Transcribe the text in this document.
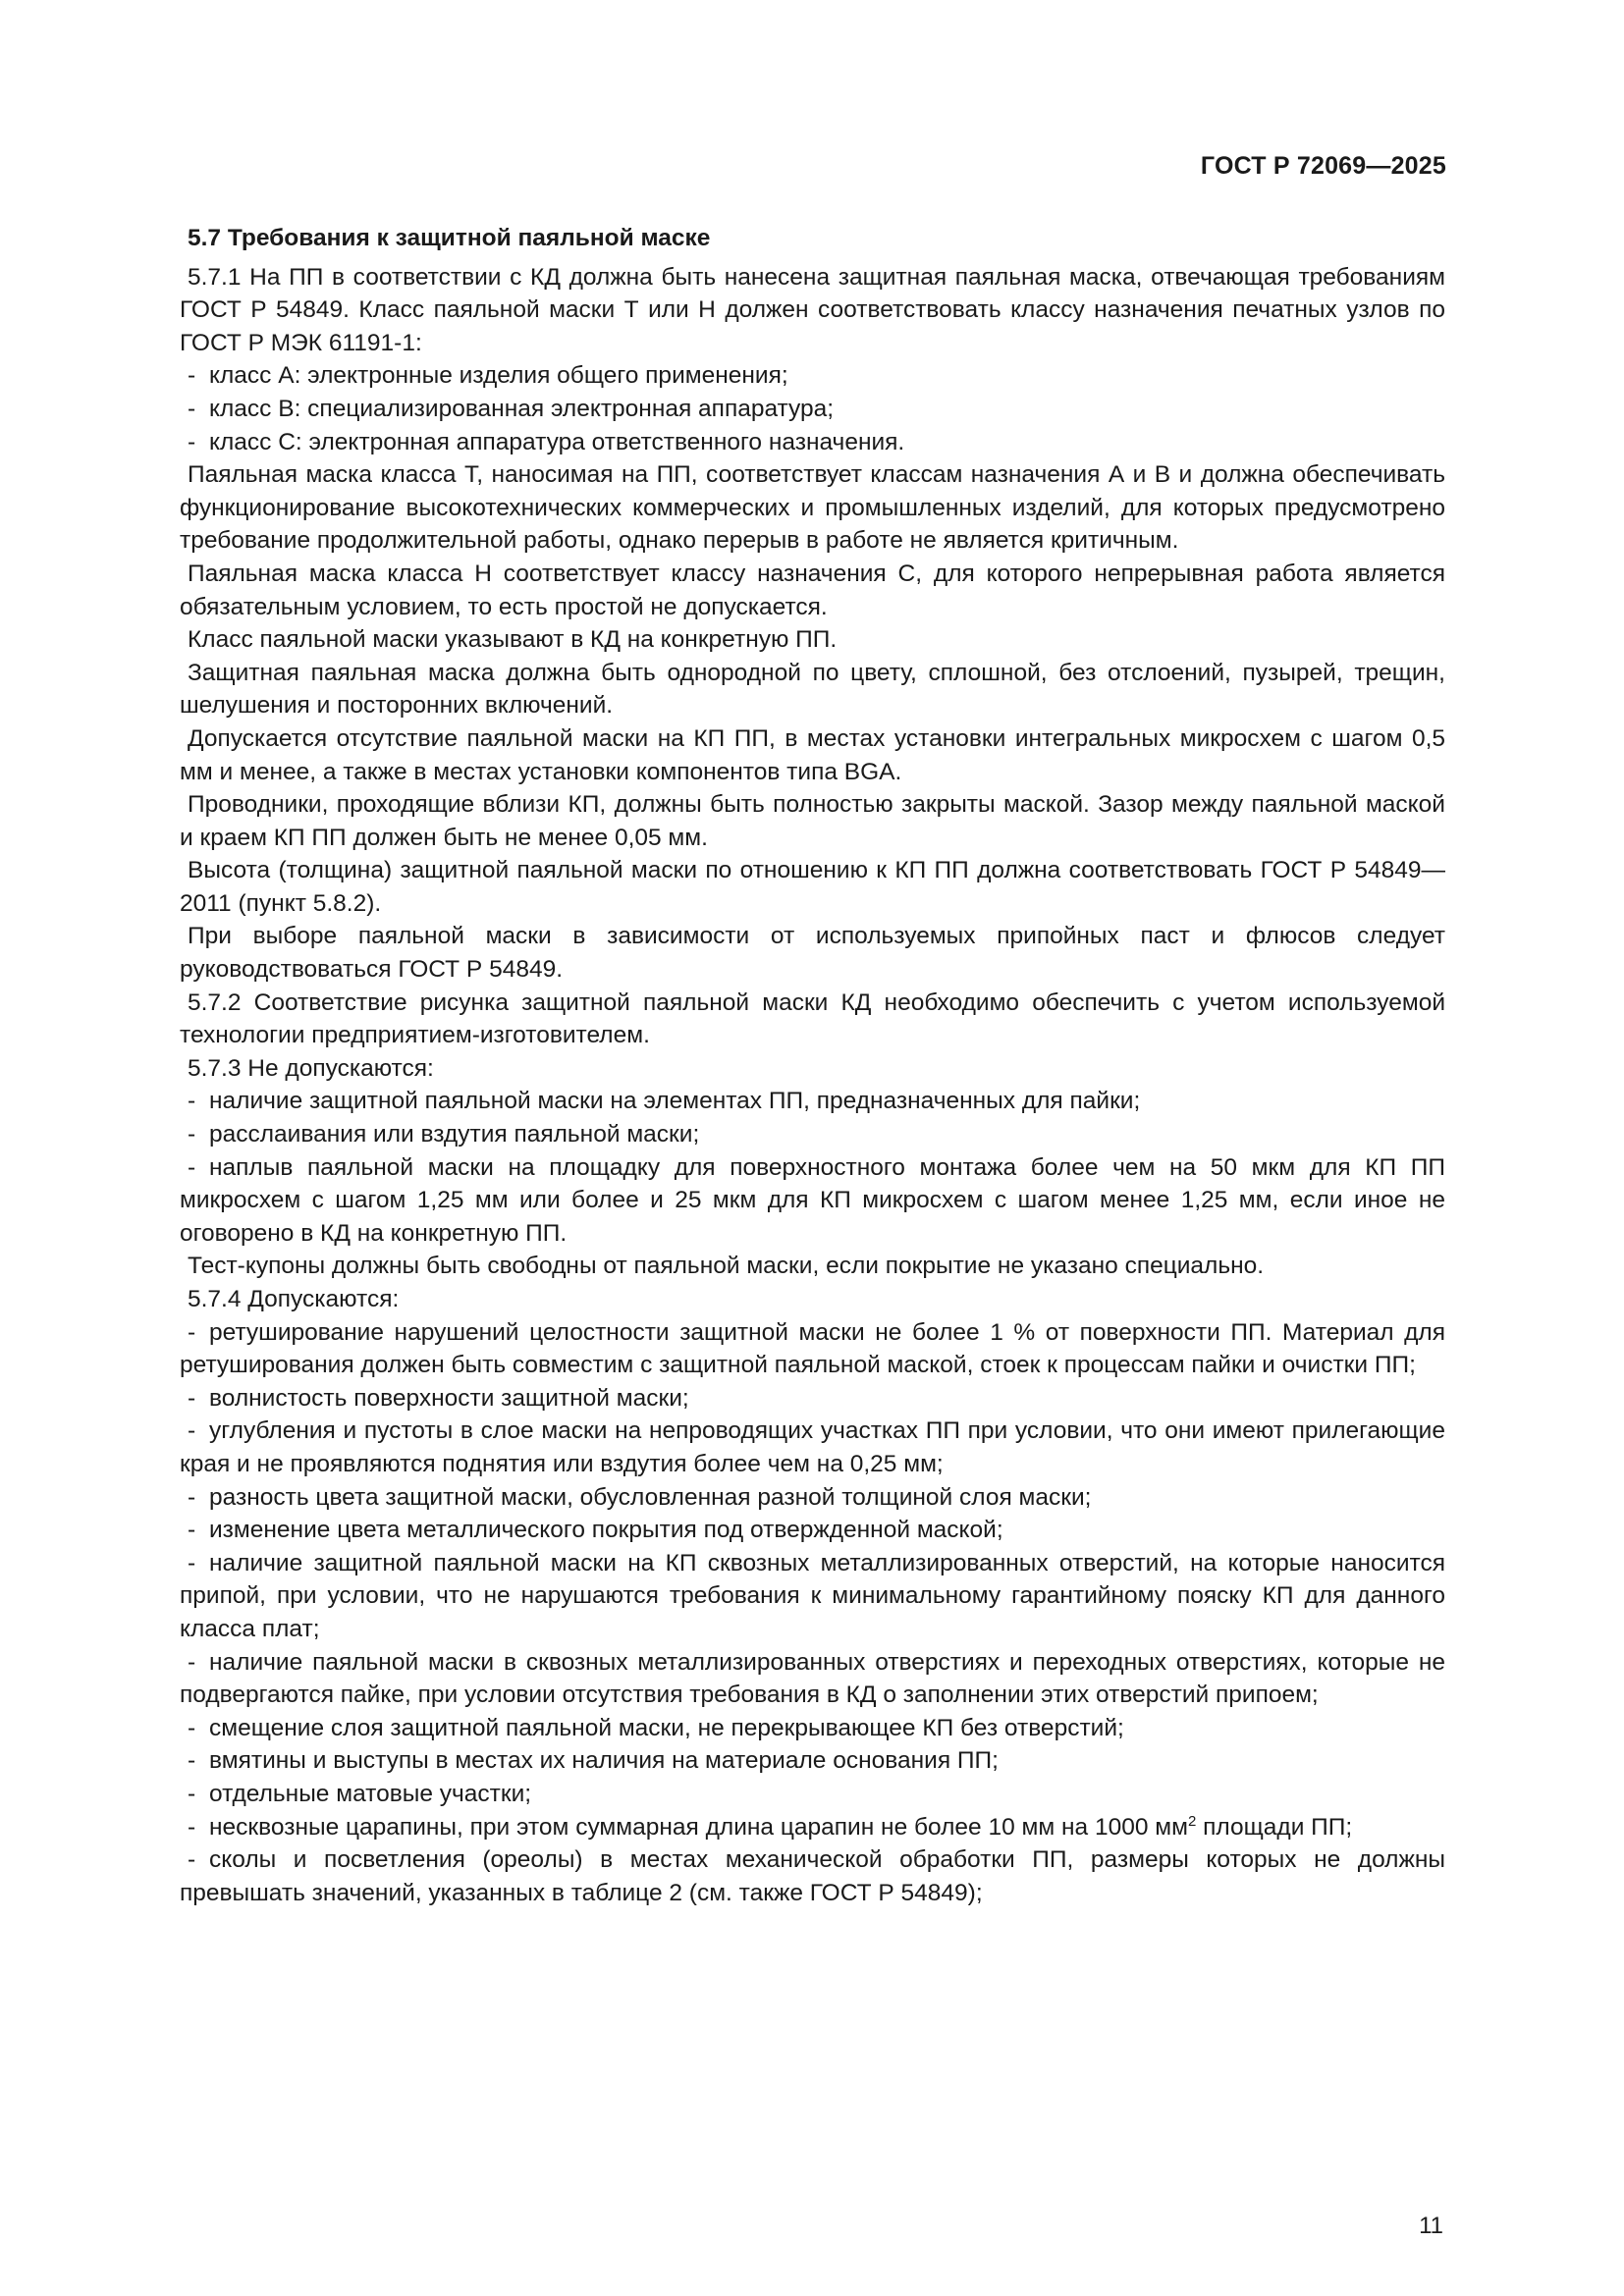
ГОСТ Р 72069—2025
5.7 Требования к защитной паяльной маске
5.7.1 На ПП в соответствии с КД должна быть нанесена защитная паяльная маска, отвечающая требованиям ГОСТ Р 54849. Класс паяльной маски Т или Н должен соответствовать классу назначения печатных узлов по ГОСТ Р МЭК 61191-1:
- класс А: электронные изделия общего применения;
- класс В: специализированная электронная аппаратура;
- класс С: электронная аппаратура ответственного назначения.
Паяльная маска класса Т, наносимая на ПП, соответствует классам назначения А и В и должна обеспечивать функционирование высокотехнических коммерческих и промышленных изделий, для которых предусмотрено требование продолжительной работы, однако перерыв в работе не является критичным.
Паяльная маска класса Н соответствует классу назначения С, для которого непрерывная работа является обязательным условием, то есть простой не допускается.
Класс паяльной маски указывают в КД на конкретную ПП.
Защитная паяльная маска должна быть однородной по цвету, сплошной, без отслоений, пузырей, трещин, шелушения и посторонних включений.
Допускается отсутствие паяльной маски на КП ПП, в местах установки интегральных микросхем с шагом 0,5 мм и менее, а также в местах установки компонентов типа BGA.
Проводники, проходящие вблизи КП, должны быть полностью закрыты маской. Зазор между паяльной маской и краем КП ПП должен быть не менее 0,05 мм.
Высота (толщина) защитной паяльной маски по отношению к КП ПП должна соответствовать ГОСТ Р 54849—2011 (пункт 5.8.2).
При выборе паяльной маски в зависимости от используемых припойных паст и флюсов следует руководствоваться ГОСТ Р 54849.
5.7.2 Соответствие рисунка защитной паяльной маски КД необходимо обеспечить с учетом используемой технологии предприятием-изготовителем.
5.7.3 Не допускаются:
- наличие защитной паяльной маски на элементах ПП, предназначенных для пайки;
- расслаивания или вздутия паяльной маски;
- наплыв паяльной маски на площадку для поверхностного монтажа более чем на 50 мкм для КП ПП микросхем с шагом 1,25 мм или более и 25 мкм для КП микросхем с шагом менее 1,25 мм, если иное не оговорено в КД на конкретную ПП.
Тест-купоны должны быть свободны от паяльной маски, если покрытие не указано специально.
5.7.4 Допускаются:
- ретуширование нарушений целостности защитной маски не более 1 % от поверхности ПП. Материал для ретуширования должен быть совместим с защитной паяльной маской, стоек к процессам пайки и очистки ПП;
- волнистость поверхности защитной маски;
- углубления и пустоты в слое маски на непроводящих участках ПП при условии, что они имеют прилегающие края и не проявляются поднятия или вздутия более чем на 0,25 мм;
- разность цвета защитной маски, обусловленная разной толщиной слоя маски;
- изменение цвета металлического покрытия под отвержденной маской;
- наличие защитной паяльной маски на КП сквозных металлизированных отверстий, на которые наносится припой, при условии, что не нарушаются требования к минимальному гарантийному пояску КП для данного класса плат;
- наличие паяльной маски в сквозных металлизированных отверстиях и переходных отверстиях, которые не подвергаются пайке, при условии отсутствия требования в КД о заполнении этих отверстий припоем;
- смещение слоя защитной паяльной маски, не перекрывающее КП без отверстий;
- вмятины и выступы в местах их наличия на материале основания ПП;
- отдельные матовые участки;
- несквозные царапины, при этом суммарная длина царапин не более 10 мм на 1000 $мм^2$ площади ПП;
- сколы и посветления (ореолы) в местах механической обработки ПП, размеры которых не должны превышать значений, указанных в таблице 2 (см. также ГОСТ Р 54849);
11
